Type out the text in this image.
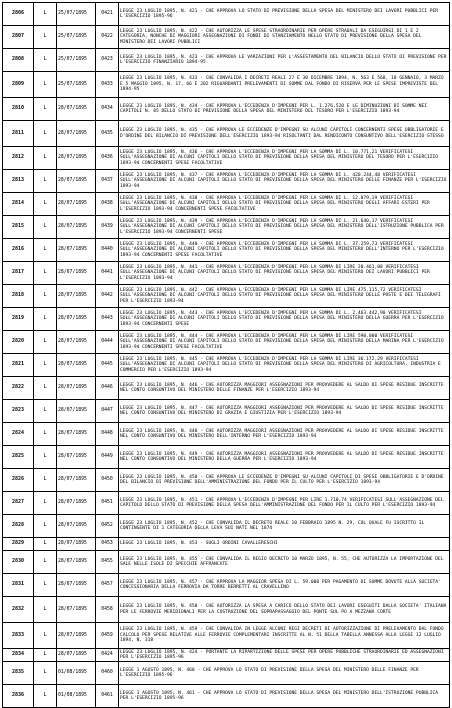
2806	L	25/07/1895	0421	LEGGE 23 LUGLIO 1895, N. 421 - CHE APPROVA LO STATO DI PREVISIONE DELLA SPESA DEL MINISTERO DEI LAVORI PUBBLICI PER L'ESERCIZIO 1895-96
2807	L	25/07/1895	0422	LEGGE 23 LUGLIO 1895, N. 422 - CHE AUTORIZZA LE SPESE STRAORDINARIE PER OPERE STRADALI DA ESEGUIRSI DI 1 E 2 CATEGORIA, NONCHE DI MAGGIORI ASSEGNAZIONI DI FONDI DI STANZIAMENTO NELLO STATO DI PREVISIONE DELLA SPESA DEL MINISTERO DEI LAVORI PUBBLICI
2808	L	25/07/1895	0423	LEGGE 23 LUGLIO 1895, N. 423 - CHE APPROVA LE VARIAZIONI PER L'ASSESTAMENTO DEL BILANCIO DELLO STATO DI PREVISIONE PER L'ESERCIZIO FINANZIARIO 1894-95
2809	L	25/07/1895	0433	LEGGE 23 LUGLIO 1895, N. 433 - CHE CONVALIDA I DECRETI REALI 27 E 30 DICEMBRE 1894, N. 563 E 568, 10 GENNAIO, 3 MARZO E 5 MAGGIO 1895, N. 17, 66 E 202 RIGUARDANTI PRELEVAMENTI DI SOMME DAL FONDO DI RISERVA PER LE SPESE IMPREVISTE DEL 1894-95
2810	L	28/07/1895	0434	LEGGE 23 LUGLIO 1895, N. 434 - CHE APPROVA L'ECCEDENZA D'IMPEGNI PER L. 1.276,520 E LE DIMINUZIONI DI SOMME NEI CAPITOLI N. 85 DELLO STATO DI PREVISIONE DELLA SPESA DEL MINISTERO DEL TESORO PER L'ESERCIZIO 1893-94
2811	L	28/07/1895	0435	LEGGE 23 LUGLIO 1895, N. 435 - CHE APPROVA LE ECCEDENZE D'IMPEGNI SU ALCUNI CAPITOLI CONCERNENTI SPESE OBBLIGATORIE E D'ORDINE DEL BILANCIO DI PREVISIONE DELL'ESERCIZIO 1893-94 RISULTANTI DAL RENDICONTO CONSUNTIVO DELL'ESERCIZIO STESSO
2812	L	28/07/1895	0436	LEGGE 23 LUGLIO 1895, N. 436 - CHE APPROVA L'ECCEDENZA D'IMPEGNI PER LA SOMMA DI L. 10.771,21 VERIFICATESI SULL'ASSEGNAZIONE DI ALCUNI CAPITOLI DELLO STATO DI PREVISIONE DELLA SPESA DEL MINISTERO DEL TESORO PER L'ESERCIZIO 1893-94 CONCERNENTI SPESE FACOLTATIVE
2813	L	28/07/1895	0437	LEGGE 23 LUGLIO 1895, N. 437 - CHE APPROVA L'ECCEDENZA D'IMPEGNI PER LA SOMMA DI L. 420.244,48 VERIFICATESI SULL'ASSEGNAZIONE DI ALCUNI CAPITOLI DELLO STATO DI PREVISIONE DELLA SPESA DEL MINISTERO DELLE FINANZE PER L'ESERCIZIO 1893-94
2814	L	28/07/1895	0438	LEGGE 23 LUGLIO 1895, N. 438 - CHE APPROVA L'ECCEDENZA D'IMPEGNI PER LA SOMMA DI L. 12.079,19 VERIFICATESI SULL'ASSEGNAZIONE DI ALCUNI CAPITOLI DELLO STATO DI PREVISIONE DELLA SPESA DEL MINISTERO DEGLI AFFARI ESTERI PER L'ESERCIZIO 1893-94 CONCERNENTI SPESE FACOLTATIVE
2815	L	28/07/1895	0439	LEGGE 23 LUGLIO 1895, N. 439 - CHE APPROVA L'ECCEDENZA D'IMPEGNI PER LA SOMMA DI L. 21.640,17 VERIFICATESI SULL'ASSEGNAZIONE DI ALCUNI CAPITOLI DELLO STATO DI PREVISIONE DELLA SPESA DEL MINISTERO DELL'ISTRUZIONE PUBBLICA PER L'ESERCIZIO 1893-94 CONCERNENTI SPESE
2816	L	28/07/1895	0440	LEGGE 23 LUGLIO 1895, N. 440 - CHE APPROVA L'ECCEDENZA D'IMPEGNI PER LA SOMMA DI L. 37.259,73 VERIFICATESI SULL'ASSEGNAZIONE DI ALCUNI CAPITOLI DELLO STATO DI PREVISIONE DELLA SPESA DEL MINISTERO DELL'INTERNO PER L'ESERCIZIO 1893-94 CONCERNENTI SPESE FACOLTATIVE
2817	L	28/07/1895	0441	LEGGE 23 LUGLIO 1895, N. 441 - CHE APPROVA L'ECCEDENZA D'IMPEGNI PER LA SOMMA DI LIRE 20.461,08 VERIFICATESI SULL'ASSEGNAZIONE DI ALCUNI CAPITOLI DELLO STATO DI PREVISIONE DELLA SPESA DEL MINISTERO DEI LAVORI PUBBLICI PER L'ESERCIZIO 1893-94
2818	L	28/07/1895	0442	LEGGE 23 LUGLIO 1895, N. 442 - CHE APPROVA L'ECCEDENZA D'IMPEGNI PER LA SOMMA DI LIRE 475.115,72 VERIFICATESI SULL'ASSEGNAZIONE DI ALCUNI CAPITOLI DELLO STATO DI PREVISIONE DELLA SPESA DEL MINISTERO DELLE POSTE E DEI TELEGRAFI PER L'ESERCIZIO 1893-94
2819	L	28/07/1895	0443	LEGGE 23 LUGLIO 1895, N. 443 - CHE APPROVA L'ECCEDENZA D'IMPEGNI PER LA SOMMA DI L. 2.463.442,90 VERIFICATESI SULL'ASSEGNAZIONE DI ALCUNI CAPITOLI DELLO STATO DI PREVISIONE DELLA SPESA DEL MINISTERO DELLA GUERRA PER L'ESERCIZIO 1893-94 CONCERNENTI SPESE
2820	L	28/07/1895	0444	LEGGE 23 LUGLIO 1895, N. 444 - CHE APPROVA L'ECCEDENZA D'IMPEGNI PER LA SOMMA DI LIRE 590.000 VERIFICATESI SULL'ASSEGNAZIONE DI ALCUNI CAPITOLI DELLO STATO DI PREVISIONE DELLA SPESA DEL MINISTERO DELLA MARINA PER L'ESERCIZIO 1893-94 CONCERNENTI SPESE FACOLTATIVE
2821	L	28/07/1895	0445	LEGGE 23 LUGLIO 1895, N. 445 - CHE APPROVA L'ECCEDENZA D'IMPEGNI PER LA SOMMA DI LIRE 36.172,29 VERIFICATESI SULL'ASSEGNAZIONE DI ALCUNI CAPITOLI DELLO STATO DI PREVISIONE DELLA SPESA DEL MINISTERO DI AGRICOLTURA, INDUSTRIA E COMMERCIO PER L'ESERCIZIO 1893-94
2822	L	28/07/1895	0446	LEGGE 23 LUGLIO 1895, N. 446 - CHE AUTORIZZA MAGGIORI ASSEGNAZIONI PER PROVVEDERE AL SALDO DI SPESE RESIDUE INSCRITTE NEL CONTO CONSUNTIVO DEL MINISTERO DELLE FINANZE PER L'ESERCIZIO 1893-94
2823	L	28/07/1895	0447	LEGGE 23 LUGLIO 1895, N. 447 - CHE AUTORIZZA MAGGIORI ASSEGNAZIONI PER PROVVEDERE AL SALDO DI SPESE RESIDUE INSCRITTE NEL CONTO CONSUNTIVO DEL MINISTERO DI GRAZIA E GIUSTIZIA PER L'ESERCIZIO 1893-94
2824	L	28/07/1895	0448	LEGGE 23 LUGLIO 1895, N. 448 - CHE AUTORIZZA MAGGIORI ASSEGNAZIONI PER PROVVEDERE AL SALDO DI SPESE RESIDUE INSCRITTE NEL CONTO CONSUNTIVO DEL MINISTERO DELL'INTERNO PER L'ESERCIZIO 1893-94
2825	L	28/07/1895	0449	LEGGE 23 LUGLIO 1895, N. 449 - CHE AUTORIZZA MAGGIORI ASSEGNAZIONI PER PROVVEDERE AL SALDO DI SPESE RESIDUE INSCRITTE NEL CONTO CONSUNTIVO DEL MINISTERO DELLA GUERRA PER L'ESERCIZIO 1893-94
2826	L	28/07/1895	0450	LEGGE 23 LUGLIO 1895, N. 450 - CHE APPROVA LE ECCEDENZE D'IMPEGNI SU ALCUNI CAPITOLI DI SPESE OBBLIGATORIE E D'ORDINE DEL BILANCIO DI PREVISIONE DELL'AMMINISTRAZIONE DEL FONDO PER IL CULTO PER L'ESERCIZIO 1893-94
2827	L	28/07/1895	0451	LEGGE 23 LUGLIO 1895, N. 451 - CHE APPROVA L'ECCEDENZA D'IMPEGNI PER LIRE 1.710,74 VERIFICATESI SULL'ASSEGNAZIONE DEL CAPITOLO DELLO STATO DI PREVISIONE DELLA SPESA DELL'AMMINISTRAZIONE DEL FONDO PER IL CULTO PER L'ESERCIZIO 1893-94
2828	L	28/07/1895	0452	LEGGE 23 LUGLIO 1895, N. 452 - CHE CONVALIDA IL DECRETO REALE 10 FEBBRAIO 1895 N. 29, COL QUALE FU ISCRITTO IL CONTINGENTE DI 1 CATEGORIA DELLA LEVA SUI NATI NEL 1874
2829	L	28/07/1895	0453	LEGGE 23 LUGLIO 1895, N. 453 - SUGLI ORDINI CAVALLERESCHI
2830	L	28/07/1895	0455	LEGGE 23 LUGLIO 1895, N. 455 - CHE CONVALIDA IL REGIO DECRETO 10 MARZO 1895, N. 55, CHE AUTORIZZA LA IMPORTAZIONE DEL SALE NELLE ISOLE DI SPECCHIE AFFRANCATE
2831	L	28/07/1895	0457	LEGGE 23 LUGLIO 1895, N. 457 - CHE APPROVA LA MAGGIOR SPESA DI L. 59.000 PER PAGAMENTO DI SOMME DOVUTE ALLA SOCIETA' CONCESSIONARIA DELLA FERROVIA DA TORRE BERRETTI AL CRAVELLINO
2832	L	28/07/1895	0458	LEGGE 23 LUGLIO 1895, N. 458 - CHE AUTORIZZA LA SPESA A CARICO DELLO STATO DEI LAVORI ESEGUITI DALLA SOCIETA' ITALIANA PER LE FERROVIE MERIDIONALI PER LA COSTRUZIONE DEL SOPRAPASSAGGIO DEL PONTE SUL PO A MEZZANA CORTE
2833	L	28/07/1895	0459	LEGGE 23 LUGLIO 1895, N. 459 - CHE CONVALIDA IN LEGGE ALCUNI REGI DECRETI DI AUTORIZZAZIONE DI PRELEVAMENTO DAL FONDO CALCOLO PER SPESE RELATIVE ALLE FERROVIE COMPLEMENTARI INSCRITTE AL N. 51 DELLA TABELLA ANNESSA ALLA LEGGE 12 LUGLIO 1894, N. 318
2834	L	28/07/1895	0424	LEGGE 23 LUGLIO 1895, N. 424 - PORTANTE LA RIPARTIZIONE DELLE SPESE PER OPERE PUBBLICHE STRAORDINARIE ED ASSEGNAZIONI PER L'ESERCIZIO 1895-96
2835	L	01/08/1895	0460	LEGGE 1 AGOSTO 1895, N. 460 - CHE APPROVA LO STATO DI PREVISIONE DELLA SPESA DEL MINISTERO DELLE FINANZE PER L'ESERCIZIO 1895-96
2836	L	01/08/1895	0461	LEGGE 1 AGOSTO 1895, N. 461 - CHE APPROVA LO STATO DI PREVISIONE DELLA SPESA DEL MINISTERO DELL'ISTRUZIONE PUBBLICA PER L'ESERCIZIO 1895-96
